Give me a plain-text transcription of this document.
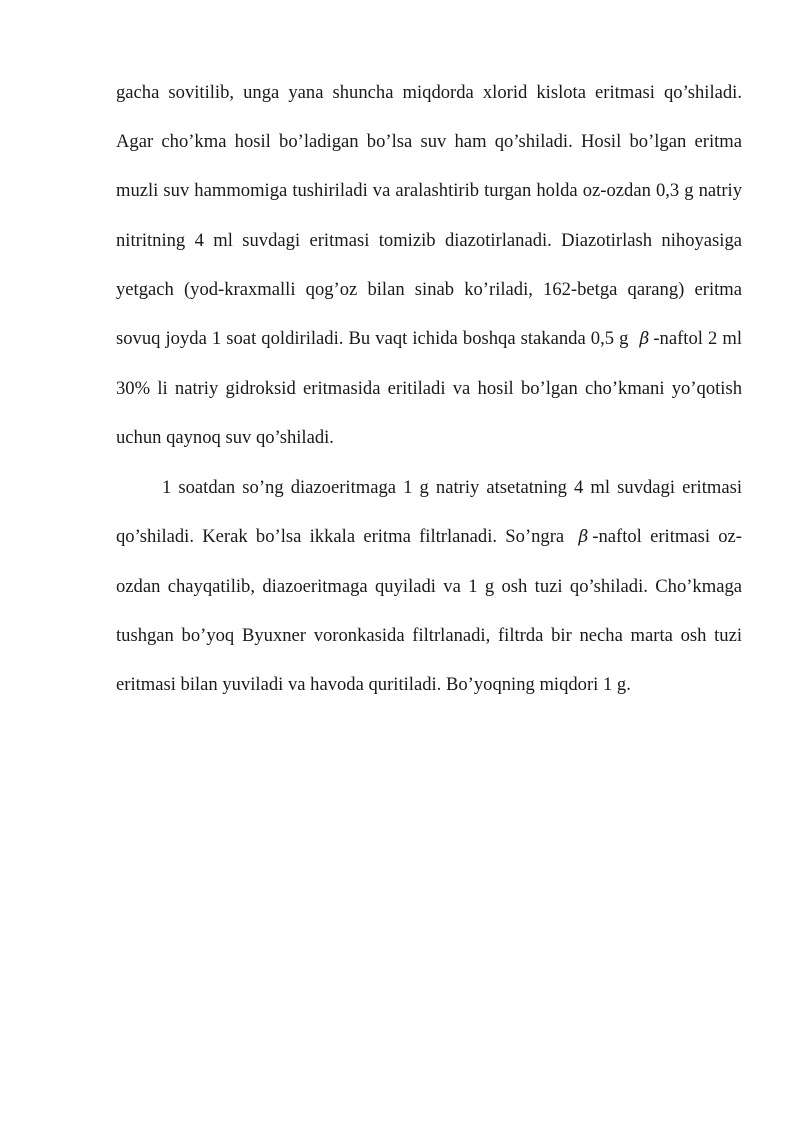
gacha sovitilib, unga yana shuncha miqdorda xlorid kislota eritmasi qo’shiladi. Agar cho’kma hosil bo’ladigan bo’lsa suv ham qo’shiladi. Hosil bo’lgan eritma muzli suv hammomiga tushiriladi va aralashtirib turgan holda oz-ozdan 0,3 g natriy nitritning 4 ml suvdagi eritmasi tomizib diazotirlanadi. Diazotirlash nihoyasiga yetgach (yod-kraxmalli qog’oz bilan sinab ko’riladi, 162-betga qarang) eritma sovuq joyda 1 soat qoldiriladi. Bu vaqt ichida boshqa stakanda 0,5 g β -naftol 2 ml 30% li natriy gidroksid eritmasida eritiladi va hosil bo’lgan cho’kmani yo’qotish uchun qaynoq suv qo’shiladi.

1 soatdan so’ng diazoeritmaga 1 g natriy atsetatning 4 ml suvdagi eritmasi qo’shiladi. Kerak bo’lsa ikkala eritma filtrlanadi. So’ngra β -naftol eritmasi oz-ozdan chayqatilib, diazoeritmaga quyiladi va 1 g osh tuzi qo’shiladi. Cho’kmaga tushgan bo’yoq Byuxner voronkasida filtrlanadi, filtrda bir necha marta osh tuzi eritmasi bilan yuviladi va havoda quritiladi. Bo’yoqning miqdori 1 g.
